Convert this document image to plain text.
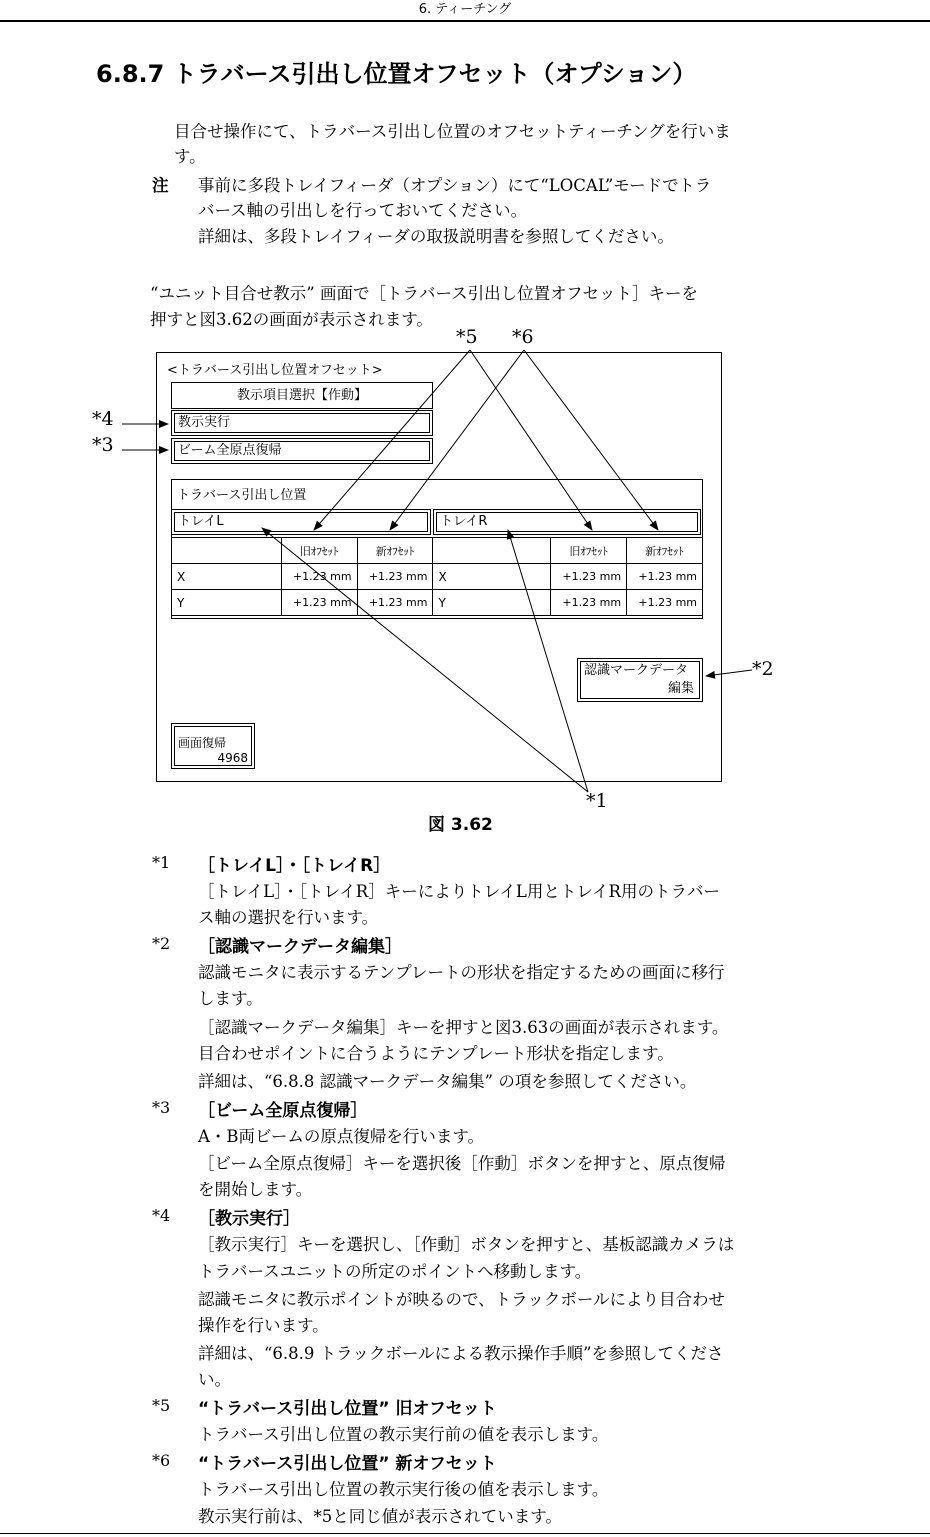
6. ティーチング
6.8.7 トラバース引出し位置オフセット（オプション）
目合せ操作にて、トラバース引出し位置のオフセットティーチングを行いま
す。
注 事前に多段トレイフィーダ（オプション）にて“LOCAL”モードでトラ
バース軸の引出しを行っておいてください。
詳細は、多段トレイフィーダの取扱説明書を参照してください。
“ユニット目合せ教示” 画面で［トラバース引出し位置オフセット］キーを
押すと図3.62の画面が表示されます。
<トラバース引出し位置オフセット>
教示項目選択【作動】
教示実行
ビーム全原点復帰
トラバース引出し位置
トレイL	トレイR
	旧ｵﾌｾｯﾄ	新ｵﾌｾｯﾄ		旧ｵﾌｾｯﾄ	新ｵﾌｾｯﾄ
X	+1.23 mm	+1.23 mm	X	+1.23 mm	+1.23 mm
Y	+1.23 mm	+1.23 mm	Y	+1.23 mm	+1.23 mm
認識マークデータ
編集
画面復帰
4968
*5 *6
*4
*3
*2
*1
図 3.62
*1 ［トレイL］・［トレイR］
［トレイL］・［トレイR］キーによりトレイL用とトレイR用のトラバー
ス軸の選択を行います。
*2 ［認識マークデータ編集］
認識モニタに表示するテンプレートの形状を指定するための画面に移行
します。
［認識マークデータ編集］キーを押すと図3.63の画面が表示されます。
目合わせポイントに合うようにテンプレート形状を指定します。
詳細は、“6.8.8 認識マークデータ編集” の項を参照してください。
*3 ［ビーム全原点復帰］
A・B両ビームの原点復帰を行います。
［ビーム全原点復帰］キーを選択後［作動］ボタンを押すと、原点復帰
を開始します。
*4 ［教示実行］
［教示実行］キーを選択し、［作動］ボタンを押すと、基板認識カメラは
トラバースユニットの所定のポイントへ移動します。
認識モニタに教示ポイントが映るので、トラックボールにより目合わせ
操作を行います。
詳細は、“6.8.9 トラックボールによる教示操作手順”を参照してくださ
い。
*5 “トラバース引出し位置” 旧オフセット
トラバース引出し位置の教示実行前の値を表示します。
*6 “トラバース引出し位置” 新オフセット
トラバース引出し位置の教示実行後の値を表示します。
教示実行前は、*5と同じ値が表示されています。
